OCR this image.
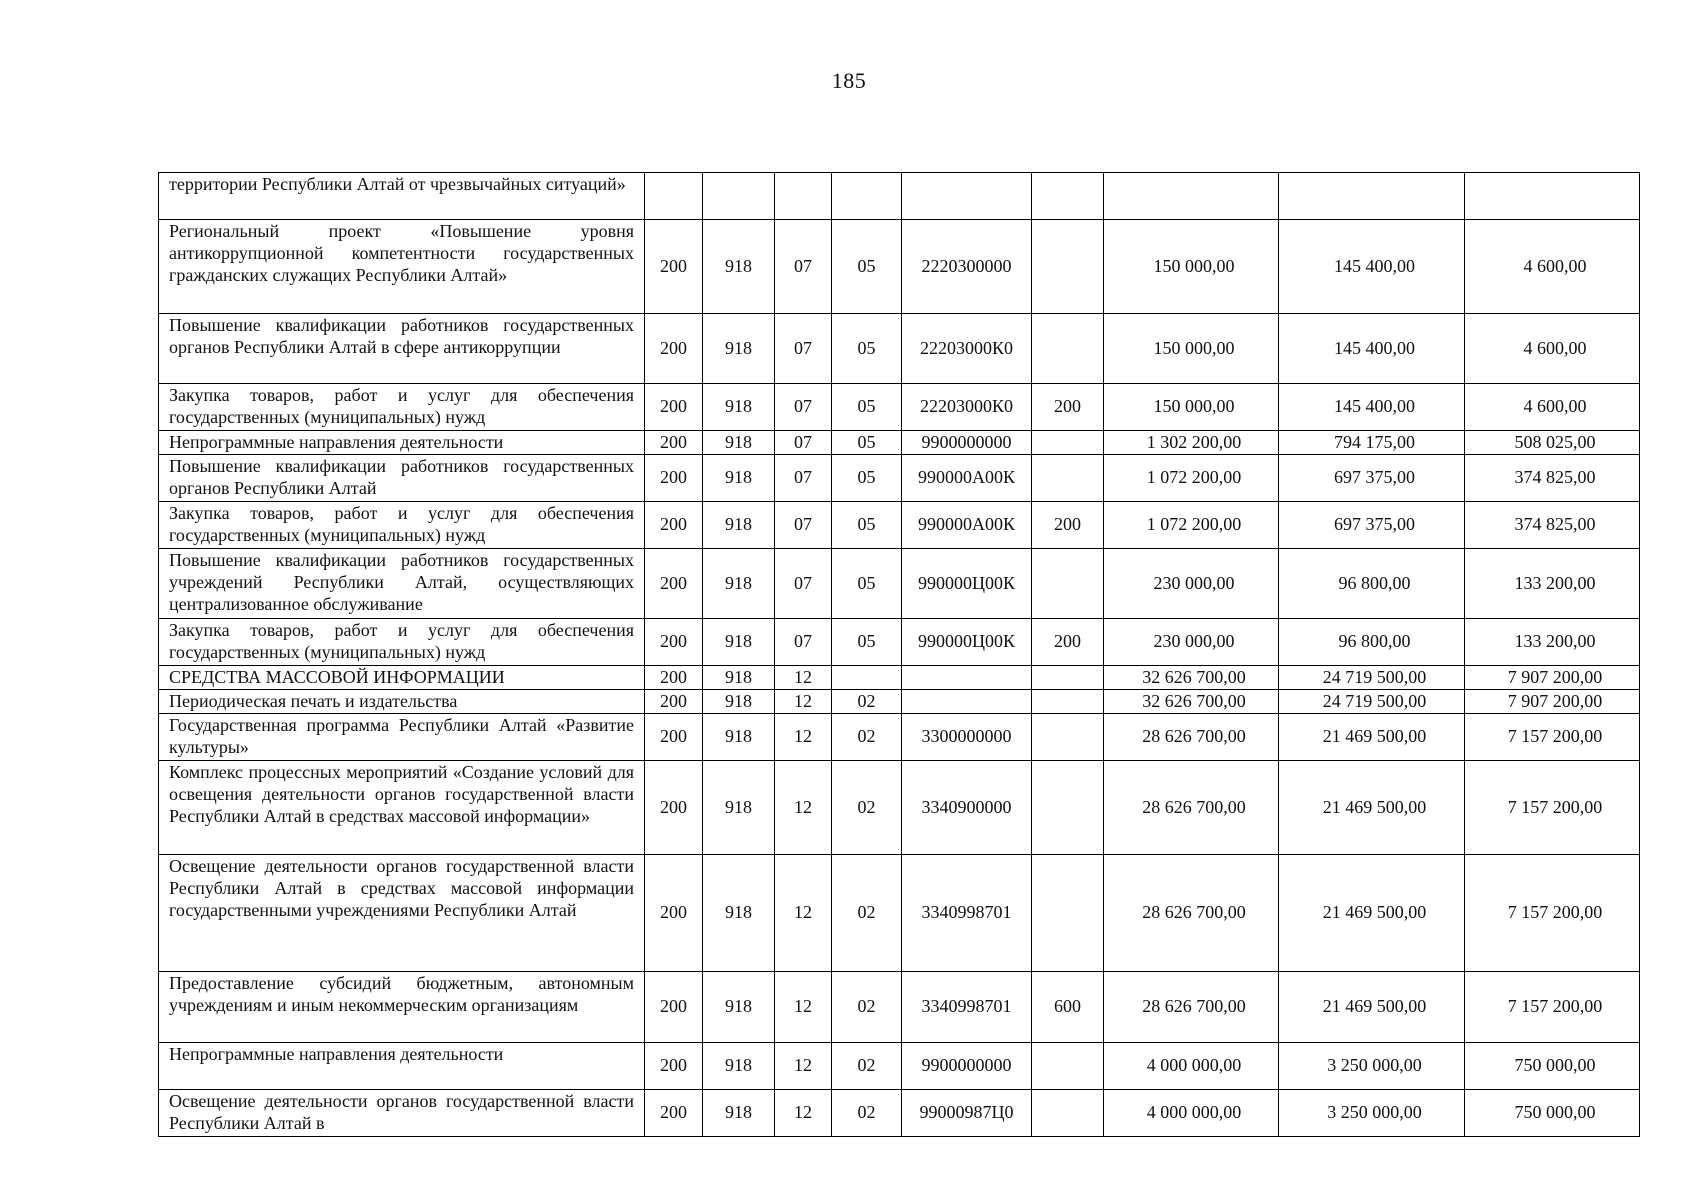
185
территории Республики Алтай от чрезвычайных ситуаций»									
Региональный проект «Повышение уровня антикоррупционной компетентности государственных гражданских служащих Республики Алтай»	200	918	07	05	2220300000		150 000,00	145 400,00	4 600,00
Повышение квалификации работников государственных органов Республики Алтай в сфере антикоррупции	200	918	07	05	22203000К0		150 000,00	145 400,00	4 600,00
Закупка товаров, работ и услуг для обеспечения государственных (муниципальных) нужд	200	918	07	05	22203000К0	200	150 000,00	145 400,00	4 600,00
Непрограммные направления деятельности	200	918	07	05	9900000000		1 302 200,00	794 175,00	508 025,00
Повышение квалификации работников государственных органов Республики Алтай	200	918	07	05	990000А00К		1 072 200,00	697 375,00	374 825,00
Закупка товаров, работ и услуг для обеспечения государственных (муниципальных) нужд	200	918	07	05	990000А00К	200	1 072 200,00	697 375,00	374 825,00
Повышение квалификации работников государственных учреждений Республики Алтай, осуществляющих централизованное обслуживание	200	918	07	05	990000Ц00К		230 000,00	96 800,00	133 200,00
Закупка товаров, работ и услуг для обеспечения государственных (муниципальных) нужд	200	918	07	05	990000Ц00К	200	230 000,00	96 800,00	133 200,00
СРЕДСТВА МАССОВОЙ ИНФОРМАЦИИ	200	918	12				32 626 700,00	24 719 500,00	7 907 200,00
Периодическая печать и издательства	200	918	12	02			32 626 700,00	24 719 500,00	7 907 200,00
Государственная программа Республики Алтай «Развитие культуры»	200	918	12	02	3300000000		28 626 700,00	21 469 500,00	7 157 200,00
Комплекс процессных мероприятий «Создание условий для освещения деятельности органов государственной власти Республики Алтай в средствах массовой информации»	200	918	12	02	3340900000		28 626 700,00	21 469 500,00	7 157 200,00
Освещение деятельности органов государственной власти Республики Алтай в средствах массовой информации государственными учреждениями Республики Алтай	200	918	12	02	3340998701		28 626 700,00	21 469 500,00	7 157 200,00
Предоставление субсидий бюджетным, автономным учреждениям и иным некоммерческим организациям	200	918	12	02	3340998701	600	28 626 700,00	21 469 500,00	7 157 200,00
Непрограммные направления деятельности	200	918	12	02	9900000000		4 000 000,00	3 250 000,00	750 000,00
Освещение деятельности органов государственной власти Республики Алтай в	200	918	12	02	99000987Ц0		4 000 000,00	3 250 000,00	750 000,00
